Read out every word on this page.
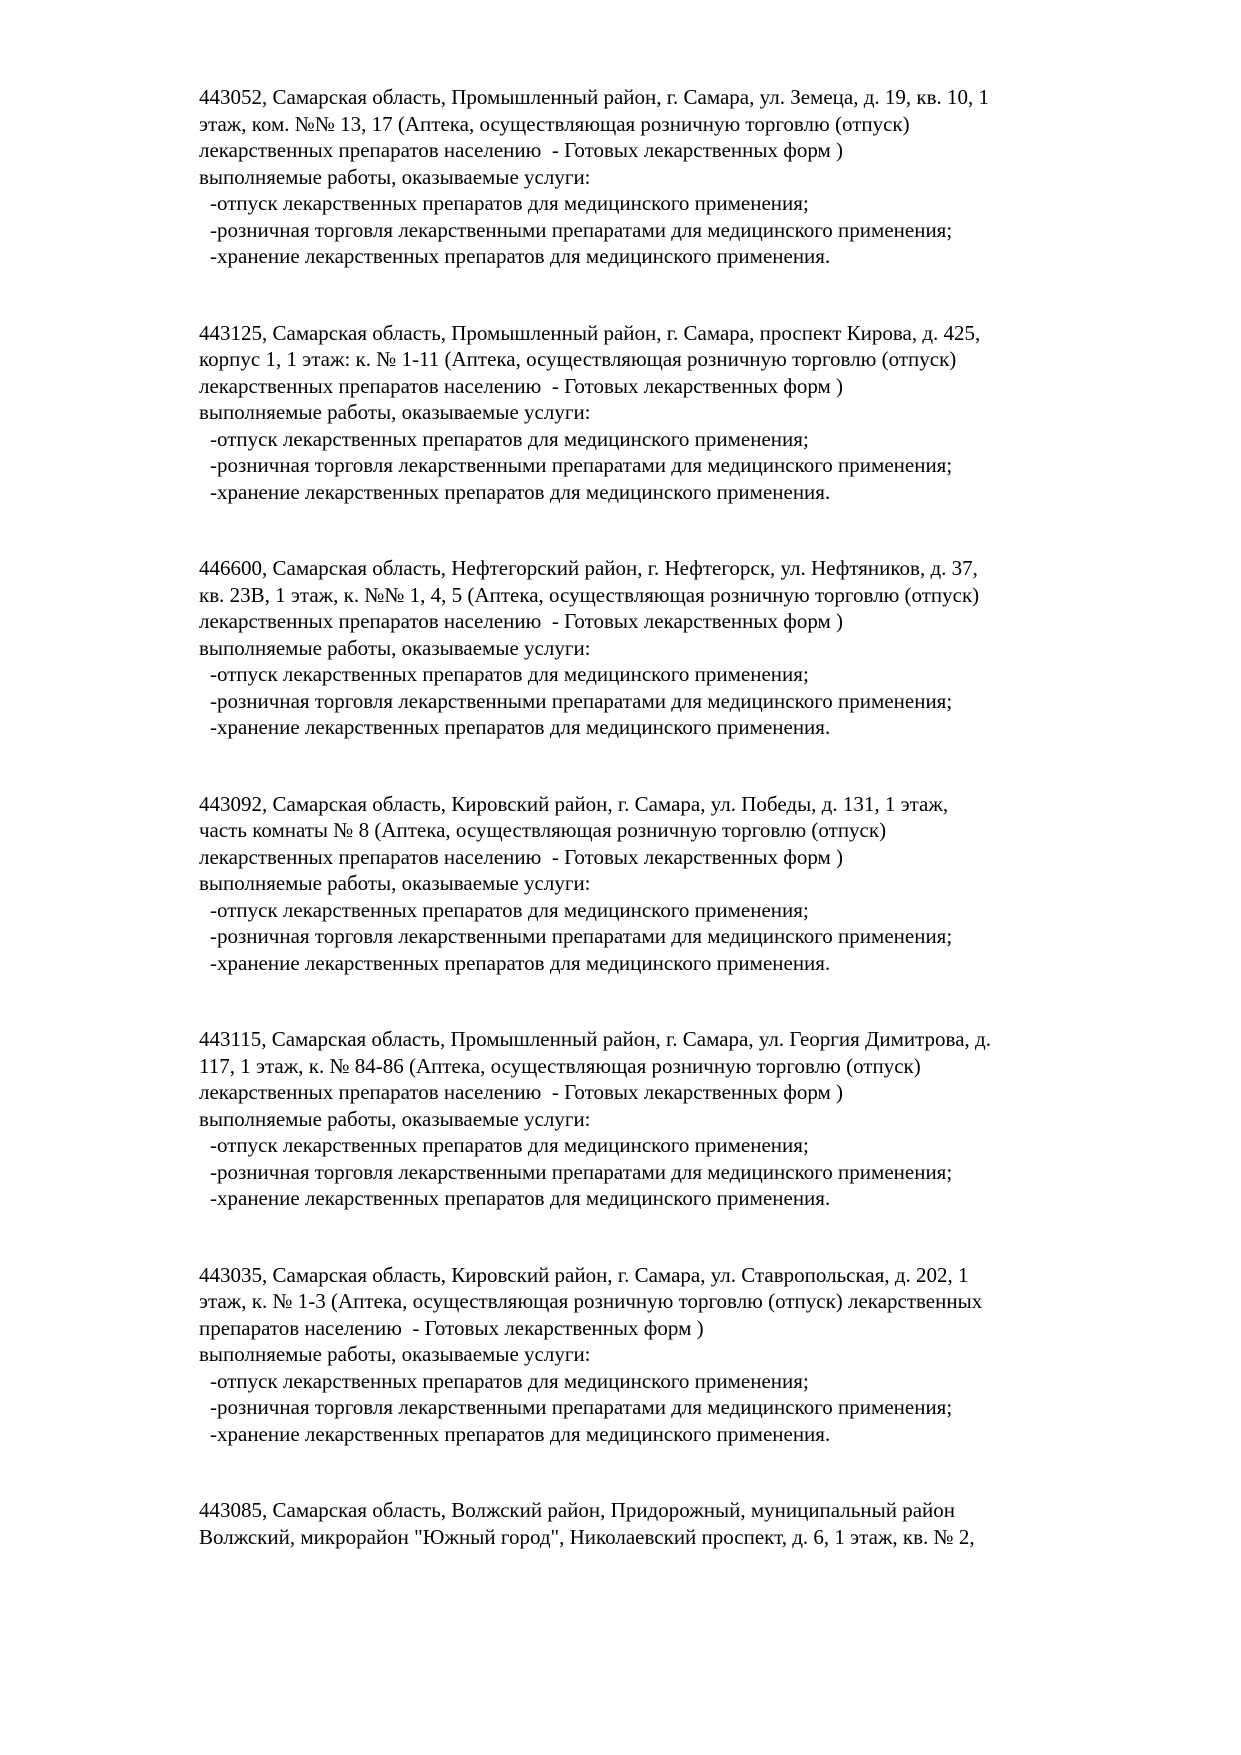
443052, Самарская область, Промышленный район, г. Самара, ул. Земеца, д. 19, кв. 10, 1
этаж, ком. №№ 13, 17 (Аптека, осуществляющая розничную торговлю (отпуск)
лекарственных препаратов населению  - Готовых лекарственных форм )
выполняемые работы, оказываемые услуги:
-отпуск лекарственных препаратов для медицинского применения;
-розничная торговля лекарственными препаратами для медицинского применения;
-хранение лекарственных препаратов для медицинского применения.
443125, Самарская область, Промышленный район, г. Самара, проспект Кирова, д. 425,
корпус 1, 1 этаж: к. № 1-11 (Аптека, осуществляющая розничную торговлю (отпуск)
лекарственных препаратов населению  - Готовых лекарственных форм )
выполняемые работы, оказываемые услуги:
-отпуск лекарственных препаратов для медицинского применения;
-розничная торговля лекарственными препаратами для медицинского применения;
-хранение лекарственных препаратов для медицинского применения.
446600, Самарская область, Нефтегорский район, г. Нефтегорск, ул. Нефтяников, д. 37,
кв. 23В, 1 этаж, к. №№ 1, 4, 5 (Аптека, осуществляющая розничную торговлю (отпуск)
лекарственных препаратов населению  - Готовых лекарственных форм )
выполняемые работы, оказываемые услуги:
-отпуск лекарственных препаратов для медицинского применения;
-розничная торговля лекарственными препаратами для медицинского применения;
-хранение лекарственных препаратов для медицинского применения.
443092, Самарская область, Кировский район, г. Самара, ул. Победы, д. 131, 1 этаж,
часть комнаты № 8 (Аптека, осуществляющая розничную торговлю (отпуск)
лекарственных препаратов населению  - Готовых лекарственных форм )
выполняемые работы, оказываемые услуги:
-отпуск лекарственных препаратов для медицинского применения;
-розничная торговля лекарственными препаратами для медицинского применения;
-хранение лекарственных препаратов для медицинского применения.
443115, Самарская область, Промышленный район, г. Самара, ул. Георгия Димитрова, д.
117, 1 этаж, к. № 84-86 (Аптека, осуществляющая розничную торговлю (отпуск)
лекарственных препаратов населению  - Готовых лекарственных форм )
выполняемые работы, оказываемые услуги:
-отпуск лекарственных препаратов для медицинского применения;
-розничная торговля лекарственными препаратами для медицинского применения;
-хранение лекарственных препаратов для медицинского применения.
443035, Самарская область, Кировский район, г. Самара, ул. Ставропольская, д. 202, 1
этаж, к. № 1-3 (Аптека, осуществляющая розничную торговлю (отпуск) лекарственных
препаратов населению  - Готовых лекарственных форм )
выполняемые работы, оказываемые услуги:
-отпуск лекарственных препаратов для медицинского применения;
-розничная торговля лекарственными препаратами для медицинского применения;
-хранение лекарственных препаратов для медицинского применения.
443085, Самарская область, Волжский район, Придорожный, муниципальный район
Волжский, микрорайон "Южный город", Николаевский проспект, д. 6, 1 этаж, кв. № 2,
